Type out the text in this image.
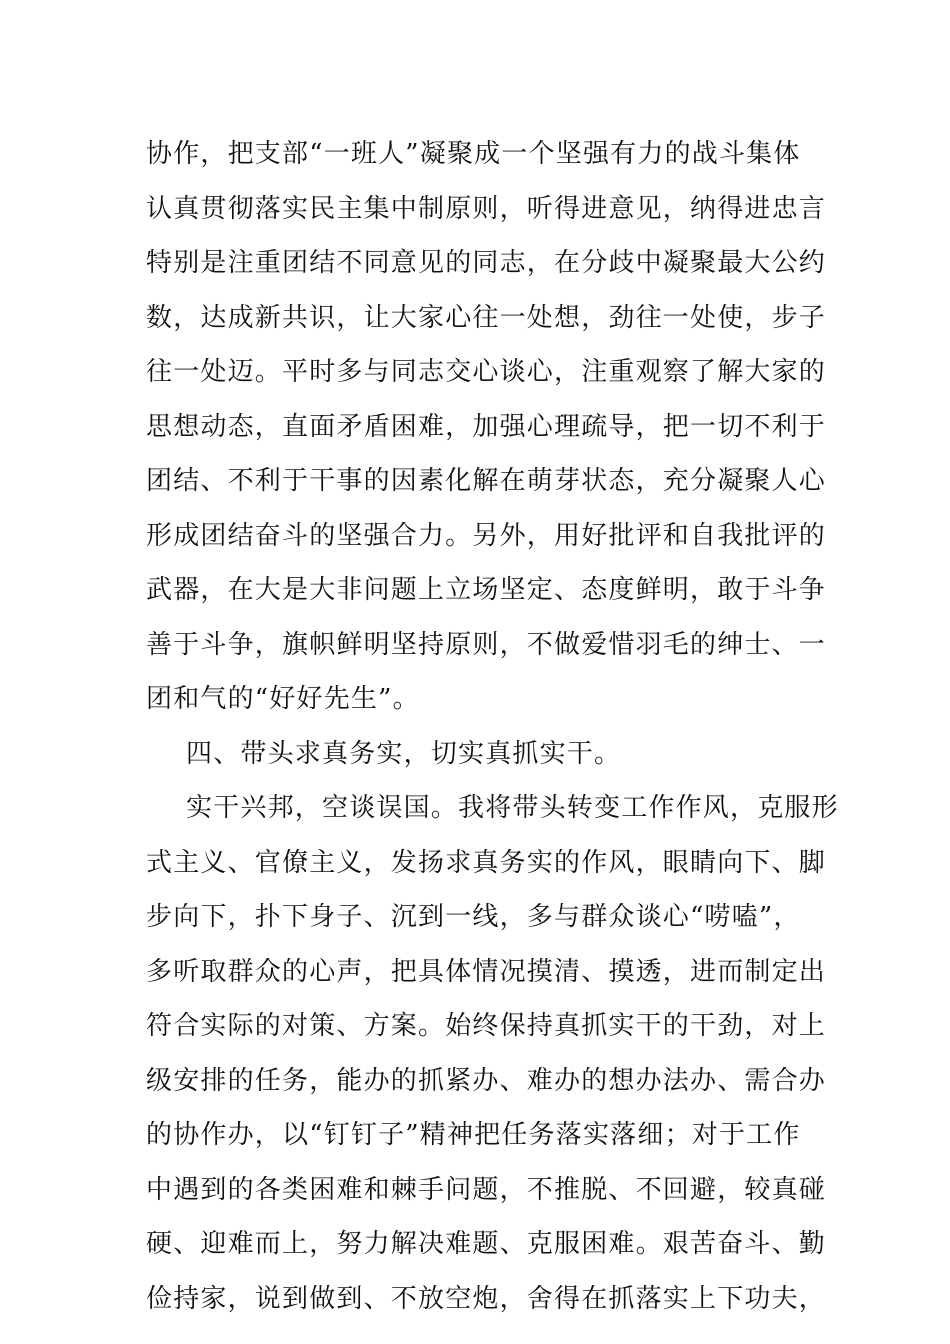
协作，把支部“一班人”凝聚成一个坚强有力的战斗集体
认真贯彻落实民主集中制原则，听得进意见，纳得进忠言
特别是注重团结不同意见的同志，在分歧中凝聚最大公约
数，达成新共识，让大家心往一处想，劲往一处使，步子
往一处迈。平时多与同志交心谈心，注重观察了解大家的
思想动态，直面矛盾困难，加强心理疏导，把一切不利于
团结、不利于干事的因素化解在萌芽状态，充分凝聚人心
形成团结奋斗的坚强合力。另外，用好批评和自我批评的
武器，在大是大非问题上立场坚定、态度鲜明，敢于斗争
善于斗争，旗帜鲜明坚持原则，不做爱惜羽毛的绅士、一
团和气的“好好先生”。
四、带头求真务实，切实真抓实干。
实干兴邦，空谈误国。我将带头转变工作作风，克服形
式主义、官僚主义，发扬求真务实的作风，眼睛向下、脚
步向下，扑下身子、沉到一线，多与群众谈心“唠嗑”，
多听取群众的心声，把具体情况摸清、摸透，进而制定出
符合实际的对策、方案。始终保持真抓实干的干劲，对上
级安排的任务，能办的抓紧办、难办的想办法办、需合办
的协作办，以“钉钉子”精神把任务落实落细；对于工作
中遇到的各类困难和棘手问题，不推脱、不回避，较真碰
硬、迎难而上，努力解决难题、克服困难。艰苦奋斗、勤
俭持家，说到做到、不放空炮，舍得在抓落实上下功夫，
